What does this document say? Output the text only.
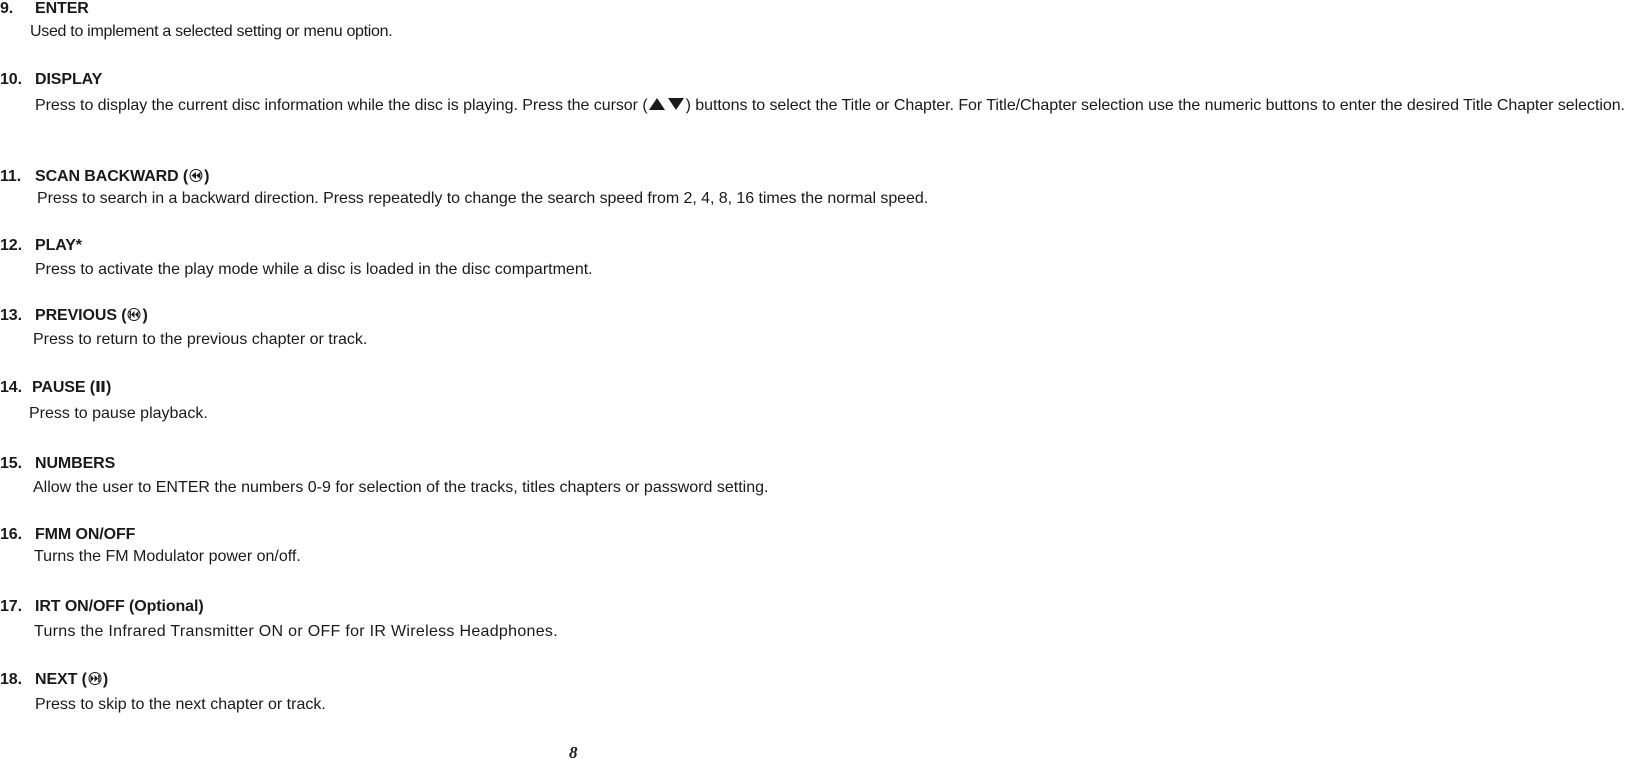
9. ENTER
Used to implement a selected setting or menu option.
10. DISPLAY
Press to display the current disc information while the disc is playing. Press the cursor ( ) buttons to select the Title or Chapter. For Title/Chapter selection use the numeric buttons to enter the desired Title Chapter selection.
11. SCAN BACKWARD ( )
Press to search in a backward direction. Press repeatedly to change the search speed from 2, 4, 8, 16 times the normal speed.
12. PLAY*
Press to activate the play mode while a disc is loaded in the disc compartment.
13. PREVIOUS ( )
Press to return to the previous chapter or track.
14. PAUSE ( )
Press to pause playback.
15. NUMBERS
Allow the user to ENTER the numbers 0-9 for selection of the tracks, titles chapters or password setting.
16. FMM ON/OFF
Turns the FM Modulator power on/off.
17. IRT ON/OFF (Optional)
Turns the Infrared Transmitter ON or OFF for IR Wireless Headphones.
18. NEXT ( )
Press to skip to the next chapter or track.
8
